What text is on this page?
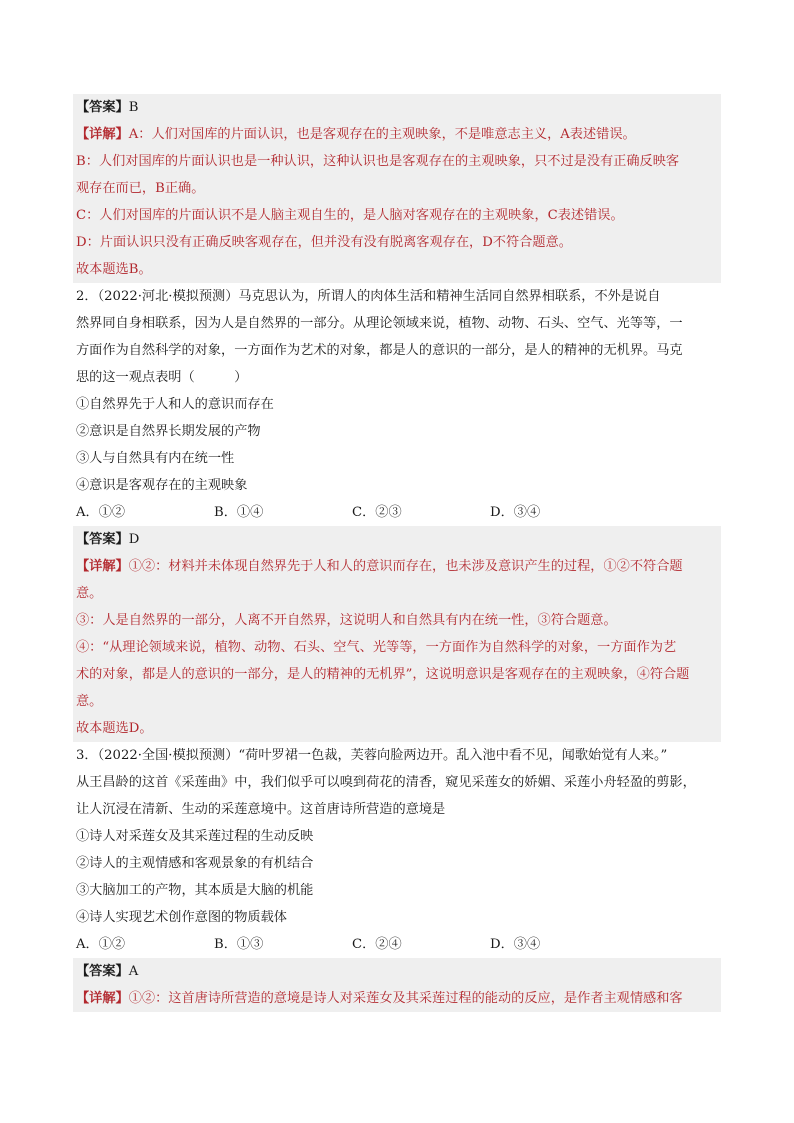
【答案】B
【详解】A：人们对国库的片面认识，也是客观存在的主观映象，不是唯意志主义，A表述错误。
B：人们对国库的片面认识也是一种认识，这种认识也是客观存在的主观映象，只不过是没有正确反映客
观存在而已，B正确。
C：人们对国库的片面认识不是人脑主观自生的，是人脑对客观存在的主观映象，C表述错误。
D：片面认识只没有正确反映客观存在，但并没有没有脱离客观存在，D不符合题意。
故本题选B。
2．（2022·河北·模拟预测）马克思认为，所谓人的肉体生活和精神生活同自然界相联系，不外是说自
然界同自身相联系，因为人是自然界的一部分。从理论领域来说，植物、动物、石头、空气、光等等，一
方面作为自然科学的对象，一方面作为艺术的对象，都是人的意识的一部分，是人的精神的无机界。马克
思的这一观点表明（　　　）
①自然界先于人和人的意识而存在
②意识是自然界长期发展的产物
③人与自然具有内在统一性
④意识是客观存在的主观映象
A．①②	B．①④	C．②③	D．③④
【答案】D
【详解】①②：材料并未体现自然界先于人和人的意识而存在，也未涉及意识产生的过程，①②不符合题
意。
③：人是自然界的一部分，人离不开自然界，这说明人和自然具有内在统一性，③符合题意。
④：“从理论领域来说，植物、动物、石头、空气、光等等，一方面作为自然科学的对象，一方面作为艺
术的对象，都是人的意识的一部分，是人的精神的无机界”，这说明意识是客观存在的主观映象，④符合题
意。
故本题选D。
3．（2022·全国·模拟预测）“荷叶罗裙一色裁，芙蓉向脸两边开。乱入池中看不见，闻歌始觉有人来。”
从王昌龄的这首《采莲曲》中，我们似乎可以嗅到荷花的清香，窥见采莲女的娇媚、采莲小舟轻盈的剪影，
让人沉浸在清新、生动的采莲意境中。这首唐诗所营造的意境是
①诗人对采莲女及其采莲过程的生动反映
②诗人的主观情感和客观景象的有机结合
③大脑加工的产物，其本质是大脑的机能
④诗人实现艺术创作意图的物质载体
A．①②	B．①③	C．②④	D．③④
【答案】A
【详解】①②：这首唐诗所营造的意境是诗人对采莲女及其采莲过程的能动的反应，是作者主观情感和客
